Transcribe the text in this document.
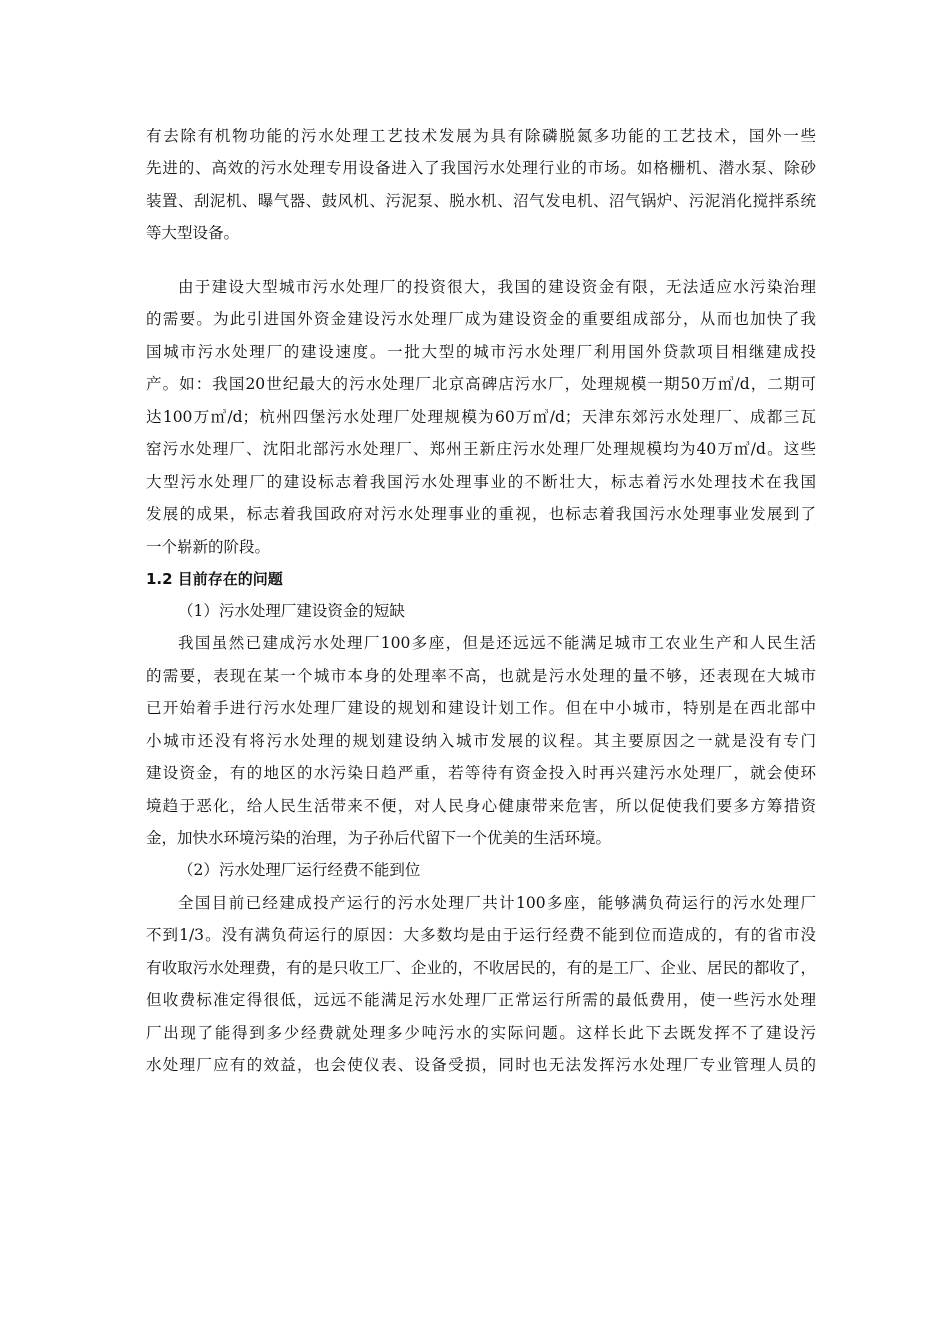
有去除有机物功能的污水处理工艺技术发展为具有除磷脱氮多功能的工艺技术，国外一些
先进的、高效的污水处理专用设备进入了我国污水处理行业的市场。如格栅机、潜水泵、除砂
装置、刮泥机、曝气器、鼓风机、污泥泵、脱水机、沼气发电机、沼气锅炉、污泥消化搅拌系统
等大型设备。
由于建设大型城市污水处理厂的投资很大，我国的建设资金有限，无法适应水污染治理
的需要。为此引进国外资金建设污水处理厂成为建设资金的重要组成部分，从而也加快了我
国城市污水处理厂的建设速度。一批大型的城市污水处理厂利用国外贷款项目相继建成投
产。如：我国20世纪最大的污水处理厂北京高碑店污水厂，处理规模一期50万㎥/d，二期可
达100万㎥/d；杭州四堡污水处理厂处理规模为60万㎥/d；天津东郊污水处理厂、成都三瓦
窑污水处理厂、沈阳北部污水处理厂、郑州王新庄污水处理厂处理规模均为40万㎥/d。这些
大型污水处理厂的建设标志着我国污水处理事业的不断壮大，标志着污水处理技术在我国
发展的成果，标志着我国政府对污水处理事业的重视，也标志着我国污水处理事业发展到了
一个崭新的阶段。
1.2 目前存在的问题
（1）污水处理厂建设资金的短缺
我国虽然已建成污水处理厂100多座，但是还远远不能满足城市工农业生产和人民生活
的需要，表现在某一个城市本身的处理率不高，也就是污水处理的量不够，还表现在大城市
已开始着手进行污水处理厂建设的规划和建设计划工作。但在中小城市，特别是在西北部中
小城市还没有将污水处理的规划建设纳入城市发展的议程。其主要原因之一就是没有专门
建设资金，有的地区的水污染日趋严重，若等待有资金投入时再兴建污水处理厂，就会使环
境趋于恶化，给人民生活带来不便，对人民身心健康带来危害，所以促使我们要多方筹措资
金，加快水环境污染的治理，为子孙后代留下一个优美的生活环境。
（2）污水处理厂运行经费不能到位
全国目前已经建成投产运行的污水处理厂共计100多座，能够满负荷运行的污水处理厂
不到1/3。没有满负荷运行的原因：大多数均是由于运行经费不能到位而造成的，有的省市没
有收取污水处理费，有的是只收工厂、企业的，不收居民的，有的是工厂、企业、居民的都收了，
但收费标准定得很低，远远不能满足污水处理厂正常运行所需的最低费用，使一些污水处理
厂出现了能得到多少经费就处理多少吨污水的实际问题。这样长此下去既发挥不了建设污
水处理厂应有的效益，也会使仪表、设备受损，同时也无法发挥污水处理厂专业管理人员的
